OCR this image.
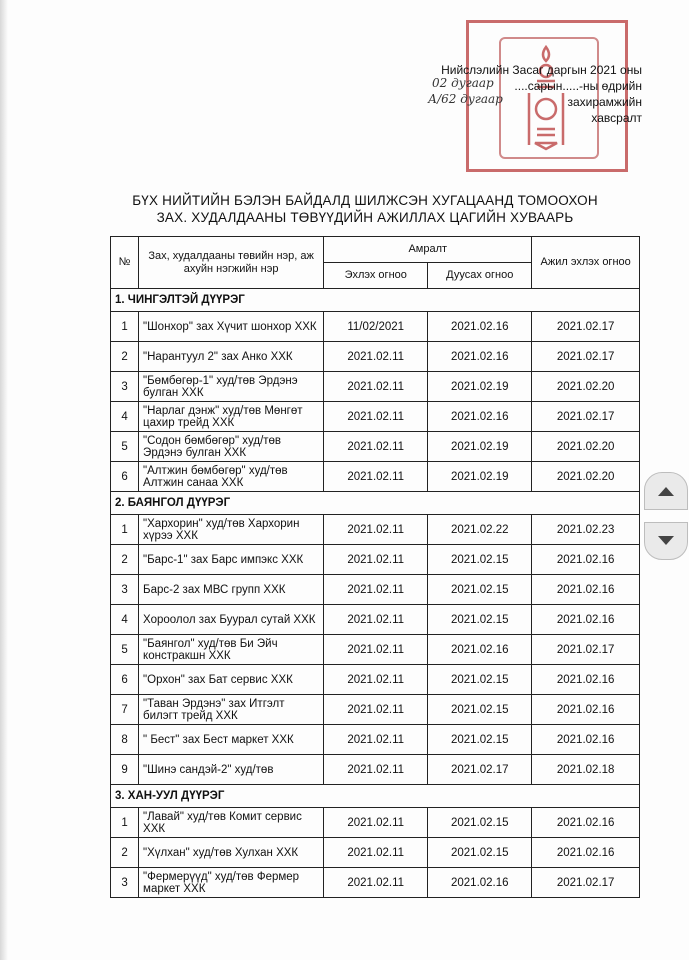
Нийслэлийн Засаг даргын 2021 оны
....сарын.....-ны өдрийн
захирамжийн
хавсралт
02 дугаар
А/62 дугаар
БҮХ НИЙТИЙН БЭЛЭН БАЙДАЛД ШИЛЖСЭН ХУГАЦААНД ТОМООХОН
ЗАХ. ХУДАЛДААНЫ ТӨВҮҮДИЙН АЖИЛЛАХ ЦАГИЙН ХУВААРЬ
№	Зах, худалдааны төвийн нэр, аж ахуйн нэгжийн нэр	Амралт		Ажил эхлэх огноо
		Эхлэх огноо	Дуусах огноо	
1. ЧИНГЭЛТЭЙ ДҮҮРЭГ				
1	"Шонхор" зах Хүчит шонхор ХХК	11/02/2021	2021.02.16	2021.02.17
2	"Нарантуул 2" зах Анко ХХК	2021.02.11	2021.02.16	2021.02.17
3	"Бөмбөгөр-1" худ/төв Эрдэнэ булган ХХК	2021.02.11	2021.02.19	2021.02.20
4	"Нарлаг дэнж" худ/төв Мөнгөт цахир трейд ХХК	2021.02.11	2021.02.16	2021.02.17
5	"Содон бөмбөгөр" худ/төв Эрдэнэ булган ХХК	2021.02.11	2021.02.19	2021.02.20
6	"Алтжин бөмбөгөр" худ/төв Алтжин санаа ХХК	2021.02.11	2021.02.19	2021.02.20
2. БАЯНГОЛ ДҮҮРЭГ				
1	"Хархорин" худ/төв Хархорин хүрээ ХХК	2021.02.11	2021.02.22	2021.02.23
2	"Барс-1" зах Барс импэкс ХХК	2021.02.11	2021.02.15	2021.02.16
3	Барс-2 зах МВС групп ХХК	2021.02.11	2021.02.15	2021.02.16
4	Хороолол зах Буурал сутай ХХК	2021.02.11	2021.02.15	2021.02.16
5	"Баянгол" худ/төв Би Эйч констракшн ХХК	2021.02.11	2021.02.16	2021.02.17
6	"Орхон" зах Бат сервис ХХК	2021.02.11	2021.02.15	2021.02.16
7	"Таван Эрдэнэ" зах Итгэлт билэгт трейд ХХК	2021.02.11	2021.02.15	2021.02.16
8	" Бест" зах Бест маркет ХХК	2021.02.11	2021.02.15	2021.02.16
9	"Шинэ сандэй-2" худ/төв	2021.02.11	2021.02.17	2021.02.18
3. ХАН-УУЛ ДҮҮРЭГ				
1	"Лавай" худ/төв Комит сервис ХХК	2021.02.11	2021.02.15	2021.02.16
2	"Хүлхан" худ/төв Хулхан ХХК	2021.02.11	2021.02.15	2021.02.16
3	"Фермерүүд" худ/төв Фермер маркет ХХК	2021.02.11	2021.02.16	2021.02.17
